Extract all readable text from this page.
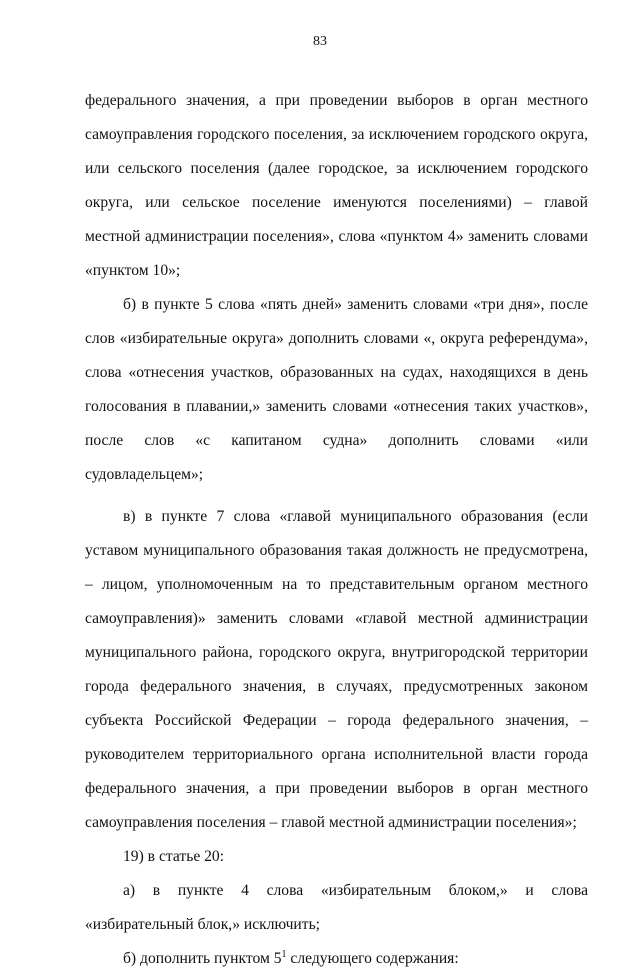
83

федерального значения, а при проведении выборов в орган местного самоуправления городского поселения, за исключением городского округа, или сельского поселения (далее городское, за исключением городского округа, или сельское поселение именуются поселениями) – главой местной администрации поселения», слова «пунктом 4» заменить словами «пунктом 10»;

б) в пункте 5 слова «пять дней» заменить словами «три дня», после слов «избирательные округа» дополнить словами «, округа референдума», слова «отнесения участков, образованных на судах, находящихся в день голосования в плавании,» заменить словами «отнесения таких участков», после слов «с капитаном судна» дополнить словами «или судовладельцем»;

в) в пункте 7 слова «главой муниципального образования (если уставом муниципального образования такая должность не предусмотрена, – лицом, уполномоченным на то представительным органом местного самоуправления)» заменить словами «главой местной администрации муниципального района, городского округа, внутригородской территории города федерального значения, в случаях, предусмотренных законом субъекта Российской Федерации – города федерального значения, – руководителем территориального органа исполнительной власти города федерального значения, а при проведении выборов в орган местного самоуправления поселения – главой местной администрации поселения»;

19) в статье 20:

а) в пункте 4 слова «избирательным блоком,» и слова «избирательный блок,» исключить;

б) дополнить пунктом $5^1$ следующего содержания:
